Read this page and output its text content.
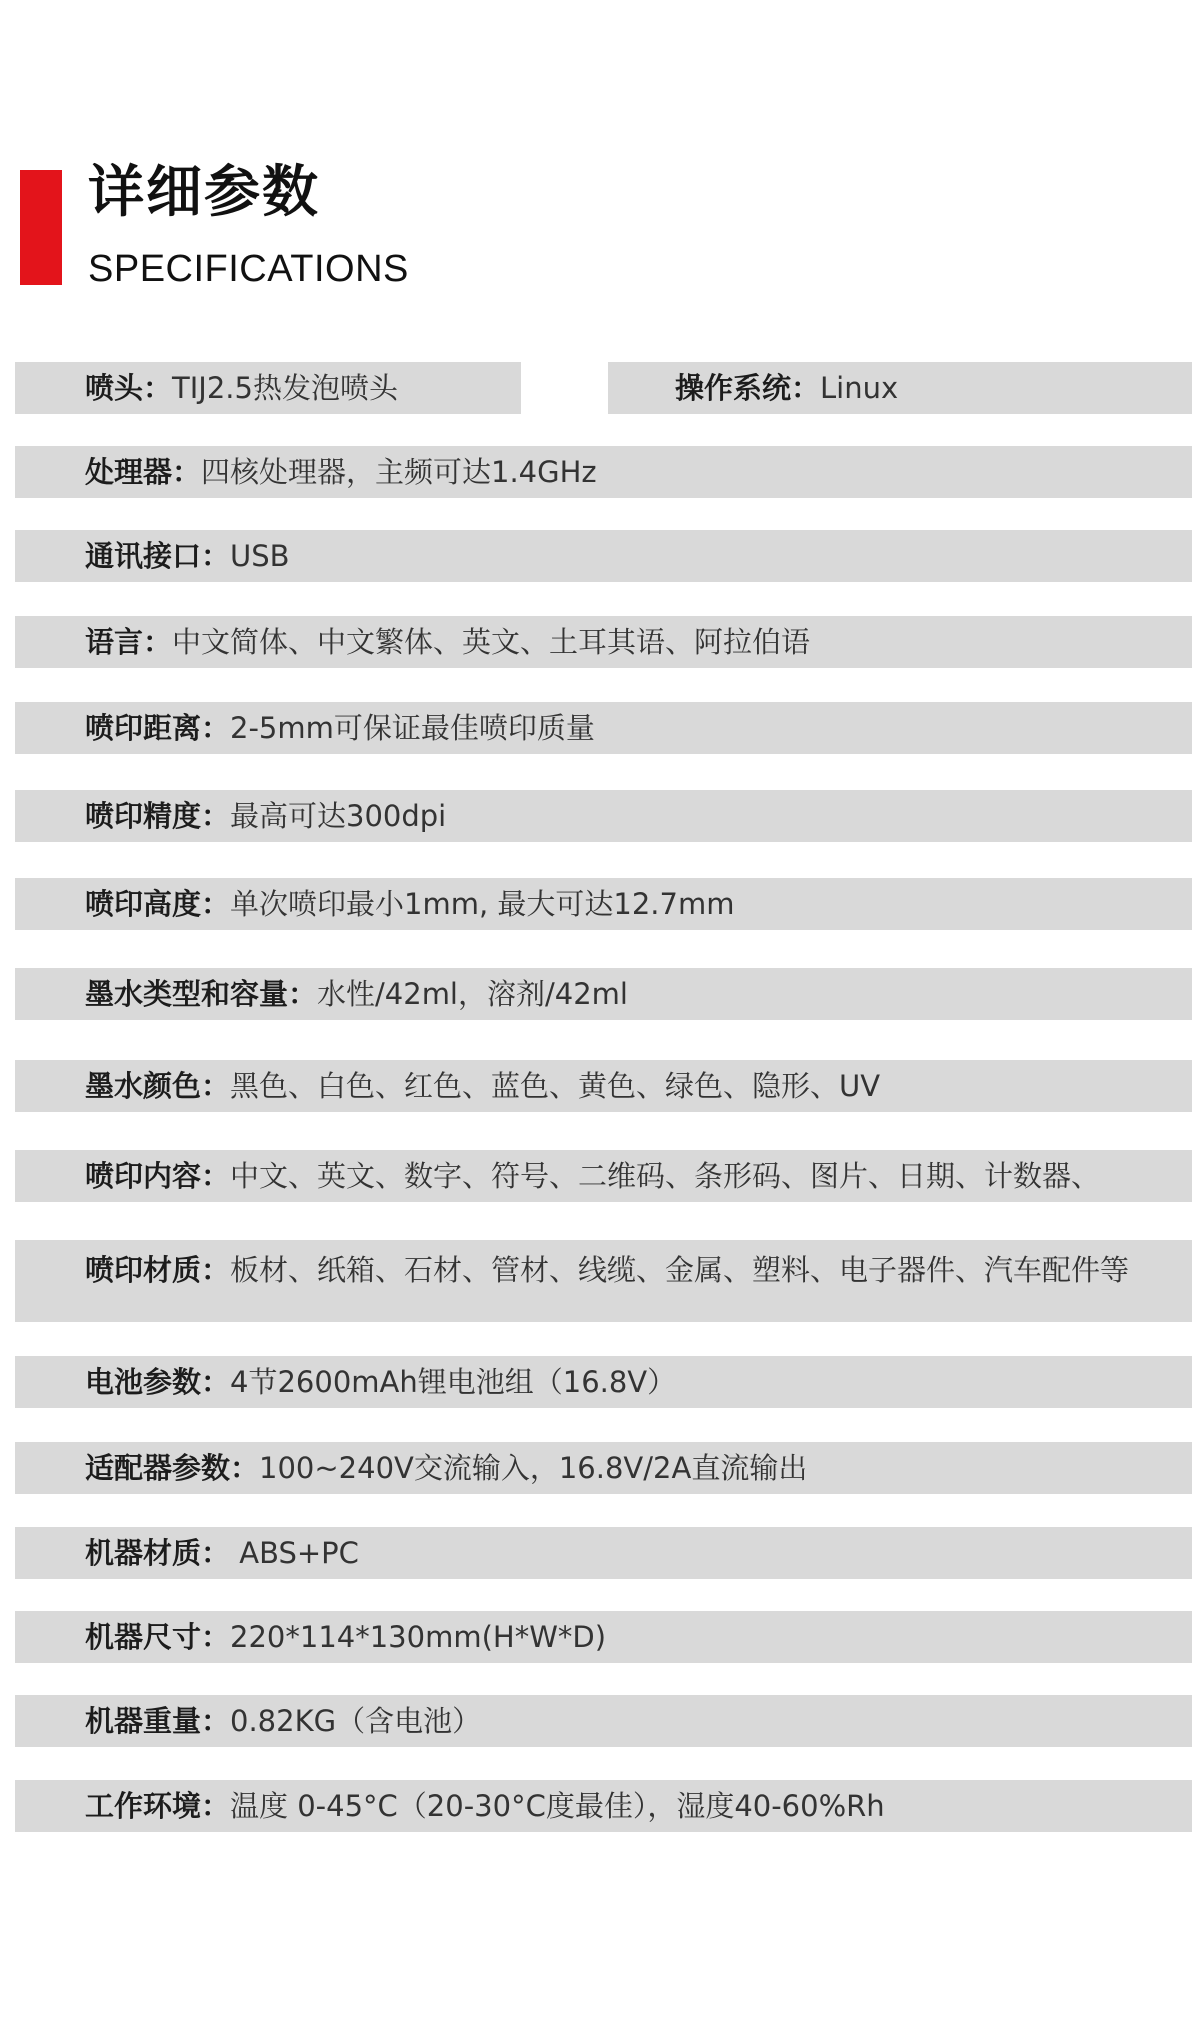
详细参数
SPECIFICATIONS
喷头： TIJ2.5热发泡喷头	操作系统： Linux
处理器： 四核处理器，主频可达1.4GHz
通讯接口： USB
语言： 中文简体、中文繁体、英文、土耳其语、阿拉伯语
喷印距离： 2-5mm可保证最佳喷印质量
喷印精度： 最高可达300dpi
喷印高度： 单次喷印最小1mm, 最大可达12.7mm
墨水类型和容量： 水性/42ml，溶剂/42ml
墨水颜色： 黑色、白色、红色、蓝色、黄色、绿色、隐形、UV
喷印内容： 中文、英文、数字、符号、二维码、条形码、图片、日期、计数器、
喷印材质： 板材、纸箱、石材、管材、线缆、金属、塑料、电子器件、汽车配件等
电池参数： 4节2600mAh锂电池组（16.8V）
适配器参数： 100~240V交流输入，16.8V/2A直流输出
机器材质： ABS+PC
机器尺寸： 220*114*130mm(H*W*D)
机器重量： 0.82KG（含电池）
工作环境： 温度 0-45°C（20-30°C度最佳），湿度40-60%Rh
